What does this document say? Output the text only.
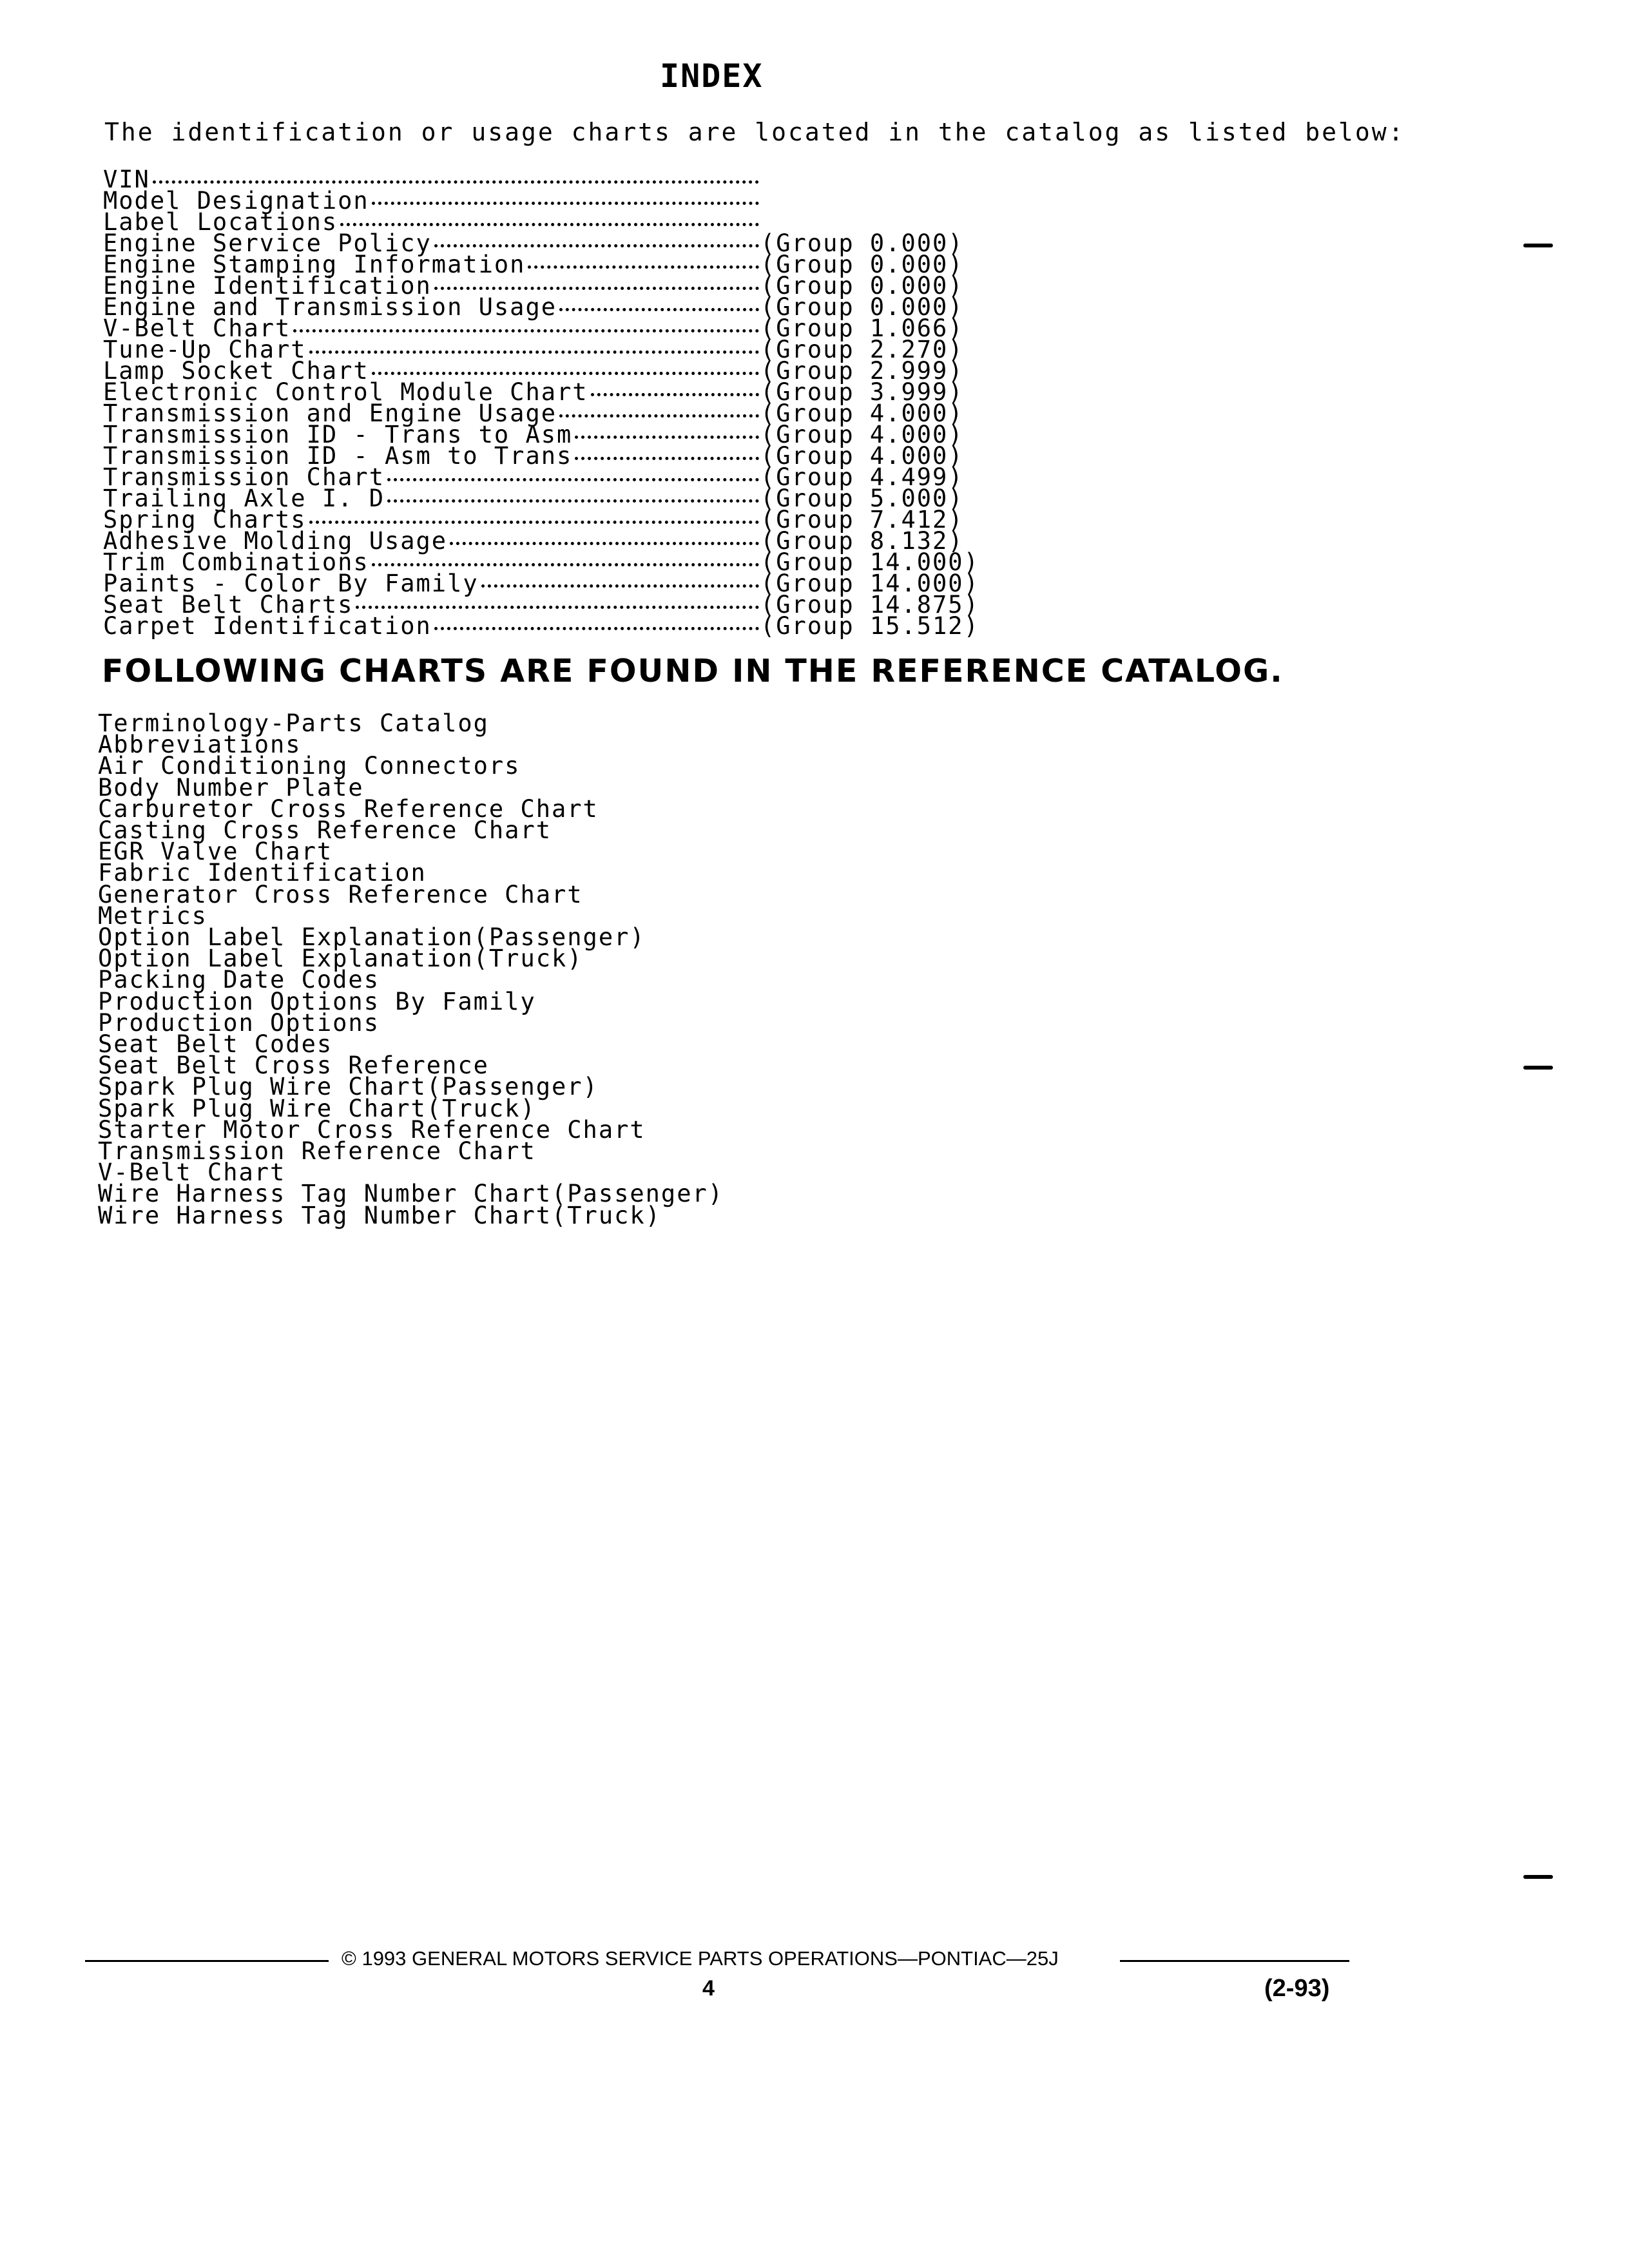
INDEX
The identification or usage charts are located in the catalog as listed below:
VIN
Model Designation
Label Locations
Engine Service Policy	(Group 0.000)
Engine Stamping Information	(Group 0.000)
Engine Identification	(Group 0.000)
Engine and Transmission Usage	(Group 0.000)
V-Belt Chart	(Group 1.066)
Tune-Up Chart	(Group 2.270)
Lamp Socket Chart	(Group 2.999)
Electronic Control Module Chart	(Group 3.999)
Transmission and Engine Usage	(Group 4.000)
Transmission ID - Trans to Asm	(Group 4.000)
Transmission ID - Asm to Trans	(Group 4.000)
Transmission Chart	(Group 4.499)
Trailing Axle I. D	(Group 5.000)
Spring Charts	(Group 7.412)
Adhesive Molding Usage	(Group 8.132)
Trim Combinations	(Group 14.000)
Paints - Color By Family	(Group 14.000)
Seat Belt Charts	(Group 14.875)
Carpet Identification	(Group 15.512)
FOLLOWING CHARTS ARE FOUND IN THE REFERENCE CATALOG.
Terminology-Parts Catalog
Abbreviations
Air Conditioning Connectors
Body Number Plate
Carburetor Cross Reference Chart
Casting Cross Reference Chart
EGR Valve Chart
Fabric Identification
Generator Cross Reference Chart
Metrics
Option Label Explanation(Passenger)
Option Label Explanation(Truck)
Packing Date Codes
Production Options By Family
Production Options
Seat Belt Codes
Seat Belt Cross Reference
Spark Plug Wire Chart(Passenger)
Spark Plug Wire Chart(Truck)
Starter Motor Cross Reference Chart
Transmission Reference Chart
V-Belt Chart
Wire Harness Tag Number Chart(Passenger)
Wire Harness Tag Number Chart(Truck)
© 1993 GENERAL MOTORS SERVICE PARTS OPERATIONS—PONTIAC—25J
4	(2-93)
